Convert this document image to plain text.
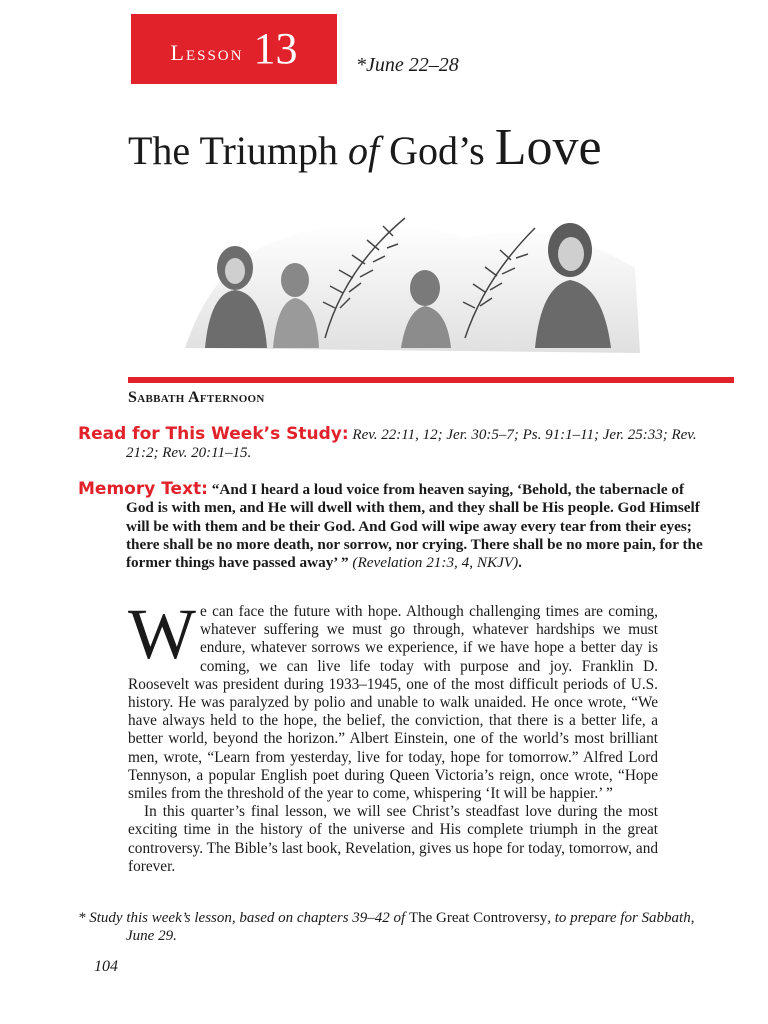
Lesson 13	*June 22–28
The Triumph of God’s Love
Sabbath Afternoon
Read for This Week’s Study: Rev. 22:11, 12; Jer. 30:5–7; Ps. 91:1–11; Jer. 25:33; Rev. 21:2; Rev. 20:11–15.
Memory Text: “And I heard a loud voice from heaven saying, ‘Behold, the tabernacle of God is with men, and He will dwell with them, and they shall be His people. God Himself will be with them and be their God. And God will wipe away every tear from their eyes; there shall be no more death, nor sorrow, nor crying. There shall be no more pain, for the former things have passed away’ ” (Revelation 21:3, 4, NKJV).

We can face the future with hope. Although challenging times are coming, whatever suffering we must go through, whatever hardships we must endure, whatever sorrows we experience, if we have hope a better day is coming, we can live life today with purpose and joy. Franklin D. Roosevelt was president during 1933–1945, one of the most difficult periods of U.S. history. He was paralyzed by polio and unable to walk unaided. He once wrote, “We have always held to the hope, the belief, the conviction, that there is a better life, a better world, beyond the horizon.” Albert Einstein, one of the world’s most brilliant men, wrote, “Learn from yesterday, live for today, hope for tomorrow.” Alfred Lord Tennyson, a popular English poet during Queen Victoria’s reign, once wrote, “Hope smiles from the threshold of the year to come, whispering ‘It will be happier.’ ”

In this quarter’s final lesson, we will see Christ’s steadfast love during the most exciting time in the history of the universe and His complete triumph in the great controversy. The Bible’s last book, Revelation, gives us hope for today, tomorrow, and forever.

* Study this week’s lesson, based on chapters 39–42 of The Great Controversy, to prepare for Sabbath, June 29.
104
